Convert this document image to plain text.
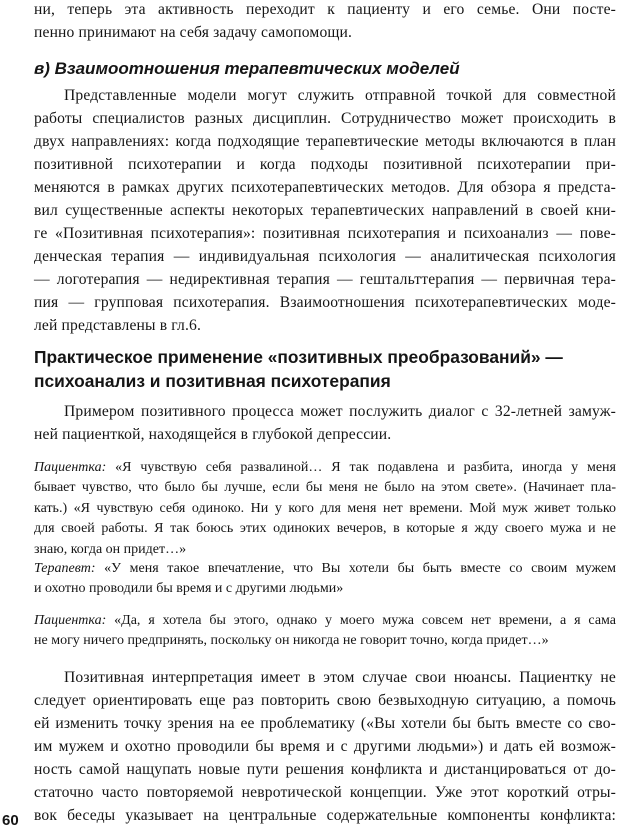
ни, теперь эта активность переходит к пациенту и его семье. Они посте-
пенно принимают на себя задачу самопомощи.

в) Взаимоотношения терапевтических моделей

Представленные модели могут служить отправной точкой для совместной
работы специалистов разных дисциплин. Сотрудничество может происходить в
двух направлениях: когда подходящие терапевтические методы включаются в план
позитивной психотерапии и когда подходы позитивной психотерапии при-
меняются в рамках других психотерапевтических методов. Для обзора я предста-
вил существенные аспекты некоторых терапевтических направлений в своей кни-
ге «Позитивная психотерапия»: позитивная психотерапия и психоанализ — пове-
денческая терапия — индивидуальная психология — аналитическая психология
— логотерапия — недирективная терапия — гештальттерапия — первичная тера-
пия — групповая психотерапия. Взаимоотношения психотерапевтических моде-
лей представлены в гл.6.

Практическое применение «позитивных преобразований» —
психоанализ и позитивная психотерапия

Примером позитивного процесса может послужить диалог с 32-летней замуж-
ней пациенткой, находящейся в глубокой депрессии.

Пациентка: «Я чувствую себя развалиной… Я так подавлена и разбита, иногда у меня
бывает чувство, что было бы лучше, если бы меня не было на этом свете». (Начинает пла-
кать.) «Я чувствую себя одиноко. Ни у кого для меня нет времени. Мой муж живет только
для своей работы. Я так боюсь этих одиноких вечеров, в которые я жду своего мужа и не
знаю, когда он придет…»

Терапевт: «У меня такое впечатление, что Вы хотели бы быть вместе со своим мужем
и охотно проводили бы время и с другими людьми»

Пациентка: «Да, я хотела бы этого, однако у моего мужа совсем нет времени, а я сама
не могу ничего предпринять, поскольку он никогда не говорит точно, когда придет…»

Позитивная интерпретация имеет в этом случае свои нюансы. Пациентку не
следует ориентировать еще раз повторить свою безвыходную ситуацию, а помочь
ей изменить точку зрения на ее проблематику («Вы хотели бы быть вместе со сво-
им мужем и охотно проводили бы время и с другими людьми») и дать ей возмож-
ность самой нащупать новые пути решения конфликта и дистанцироваться от до-
статочно часто повторяемой невротической концепции. Уже этот короткий отры-
вок беседы указывает на центральные содержательные компоненты конфликта:

60
